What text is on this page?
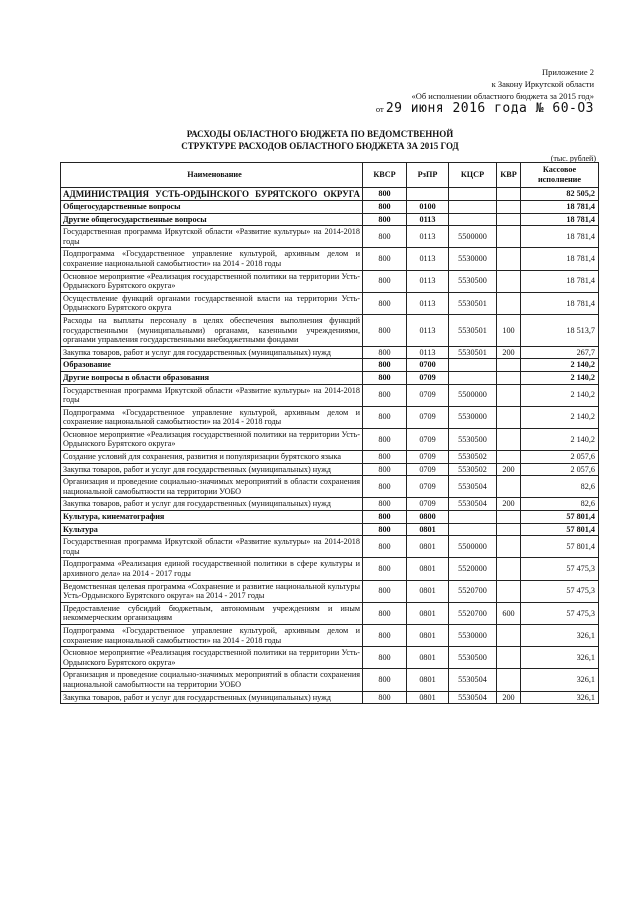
Приложение 2
к Закону Иркутской области
«Об исполнении областного бюджета за 2015 год»
от 29 июня 2016 года № 60-ОЗ
РАСХОДЫ ОБЛАСТНОГО БЮДЖЕТА ПО ВЕДОМСТВЕННОЙ
СТРУКТУРЕ РАСХОДОВ ОБЛАСТНОГО БЮДЖЕТА ЗА 2015 ГОД
(тыс. рублей)
Наименование	КВСР	РзПР	КЦСР	КВР	Кассовое исполнение
АДМИНИСТРАЦИЯ УСТЬ-ОРДЫНСКОГО БУРЯТСКОГО ОКРУГА	800				82 505,2
Общегосударственные вопросы	800	0100			18 781,4
Другие общегосударственные вопросы	800	0113			18 781,4
Государственная программа Иркутской области «Развитие культуры» на 2014-2018 годы	800	0113	5500000		18 781,4
Подпрограмма «Государственное управление культурой, архивным делом и сохранение национальной самобытности» на 2014 - 2018 годы	800	0113	5530000		18 781,4
Основное мероприятие «Реализация государственной политики на территории Усть-Ордынского Бурятского округа»	800	0113	5530500		18 781,4
Осуществление функций органами государственной власти на территории Усть-Ордынского Бурятского округа	800	0113	5530501		18 781,4
Расходы на выплаты персоналу в целях обеспечения выполнения функций государственными (муниципальными) органами, казенными учреждениями, органами управления государственными внебюджетными фондами	800	0113	5530501	100	18 513,7
Закупка товаров, работ и услуг для государственных (муниципальных) нужд	800	0113	5530501	200	267,7
Образование	800	0700			2 140,2
Другие вопросы в области образования	800	0709			2 140,2
Государственная программа Иркутской области «Развитие культуры» на 2014-2018 годы	800	0709	5500000		2 140,2
Подпрограмма «Государственное управление культурой, архивным делом и сохранение национальной самобытности» на 2014 - 2018 годы	800	0709	5530000		2 140,2
Основное мероприятие «Реализация государственной политики на территории Усть-Ордынского Бурятского округа»	800	0709	5530500		2 140,2
Создание условий для сохранения, развития и популяризации бурятского языка	800	0709	5530502		2 057,6
Закупка товаров, работ и услуг для государственных (муниципальных) нужд	800	0709	5530502	200	2 057,6
Организация и проведение социально-значимых мероприятий в области сохранения национальной самобытности на территории УОБО	800	0709	5530504		82,6
Закупка товаров, работ и услуг для государственных (муниципальных) нужд	800	0709	5530504	200	82,6
Культура, кинематография	800	0800			57 801,4
Культура	800	0801			57 801,4
Государственная программа Иркутской области «Развитие культуры» на 2014-2018 годы	800	0801	5500000		57 801,4
Подпрограмма «Реализация единой государственной политики в сфере культуры и архивного дела» на 2014 - 2017 годы	800	0801	5520000		57 475,3
Ведомственная целевая программа «Сохранение и развитие национальной культуры Усть-Ордынского Бурятского округа» на 2014 - 2017 годы	800	0801	5520700		57 475,3
Предоставление субсидий бюджетным, автономным учреждениям и иным некоммерческим организациям	800	0801	5520700	600	57 475,3
Подпрограмма «Государственное управление культурой, архивным делом и сохранение национальной самобытности» на 2014 - 2018 годы	800	0801	5530000		326,1
Основное мероприятие «Реализация государственной политики на территории Усть-Ордынского Бурятского округа»	800	0801	5530500		326,1
Организация и проведение социально-значимых мероприятий в области сохранения национальной самобытности на территории УОБО	800	0801	5530504		326,1
Закупка товаров, работ и услуг для государственных (муниципальных) нужд	800	0801	5530504	200	326,1
